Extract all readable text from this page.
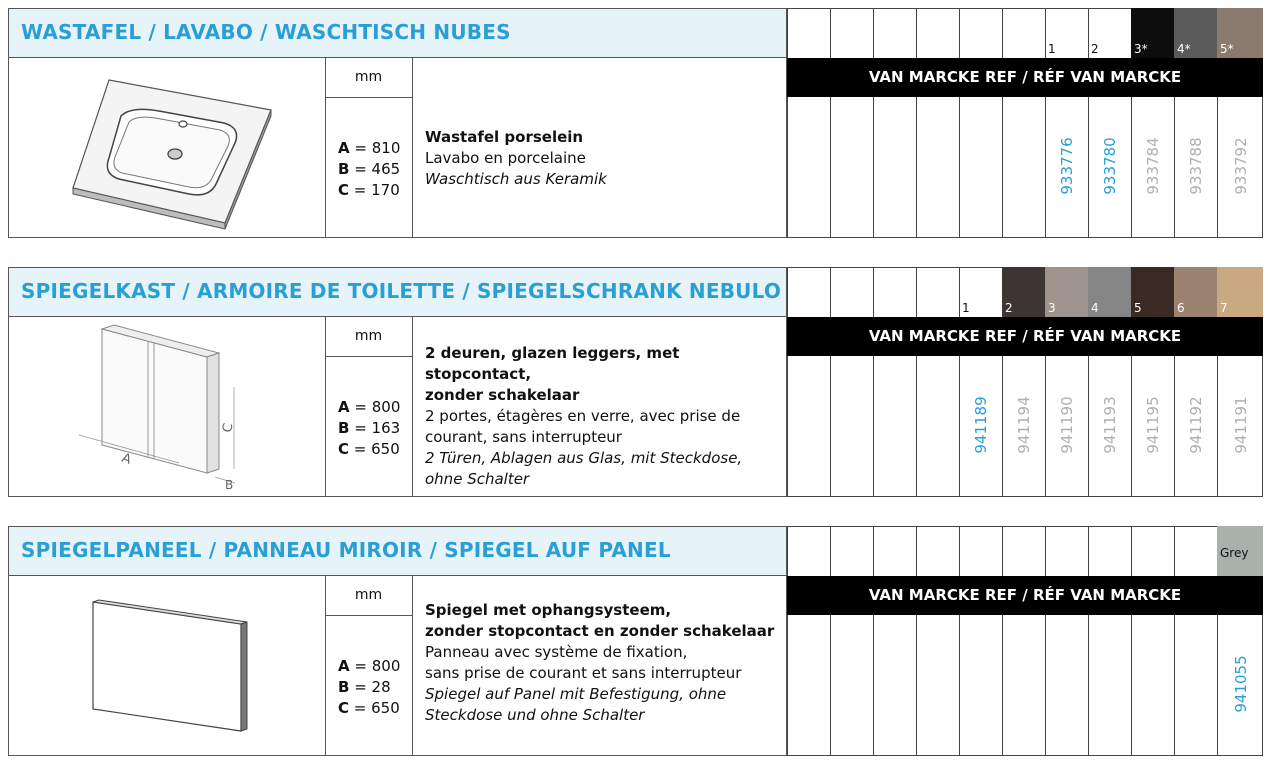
WASTAFEL / LAVABO / WASCHTISCH NUBES
1	2	3* 4* 5*
VAN MARCKE REF / RÉF VAN MARCKE
933776 933780 933784 933788 933792
mm
A = 810
B = 465
C = 170
Wastafel porselein
Lavabo en porcelaine
Waschtisch aus Keramik
SPIEGELKAST / ARMOIRE DE TOILETTE / SPIEGELSCHRANK NEBULO
1	2	3	4	5	6	7
VAN MARCKE REF / RÉF VAN MARCKE
941189 941194 941190 941193 941195 941192 941191
A
B
C
mm
A = 800
B = 163
C = 650
2 deuren, glazen leggers, met stopcontact,
zonder schakelaar
2 portes, étagères en verre, avec prise de
courant, sans interrupteur
2 Türen, Ablagen aus Glas, mit Steckdose,
ohne Schalter
SPIEGELPANEEL / PANNEAU MIROIR / SPIEGEL AUF PANEL	Grey
VAN MARCKE REF / RÉF VAN MARCKE
941055
mm
A = 800
B = 28
C = 650
Spiegel met ophangsysteem,
zonder stopcontact en zonder schakelaar
Panneau avec système de fixation,
sans prise de courant et sans interrupteur
Spiegel auf Panel mit Befestigung, ohne
Steckdose und ohne Schalter
